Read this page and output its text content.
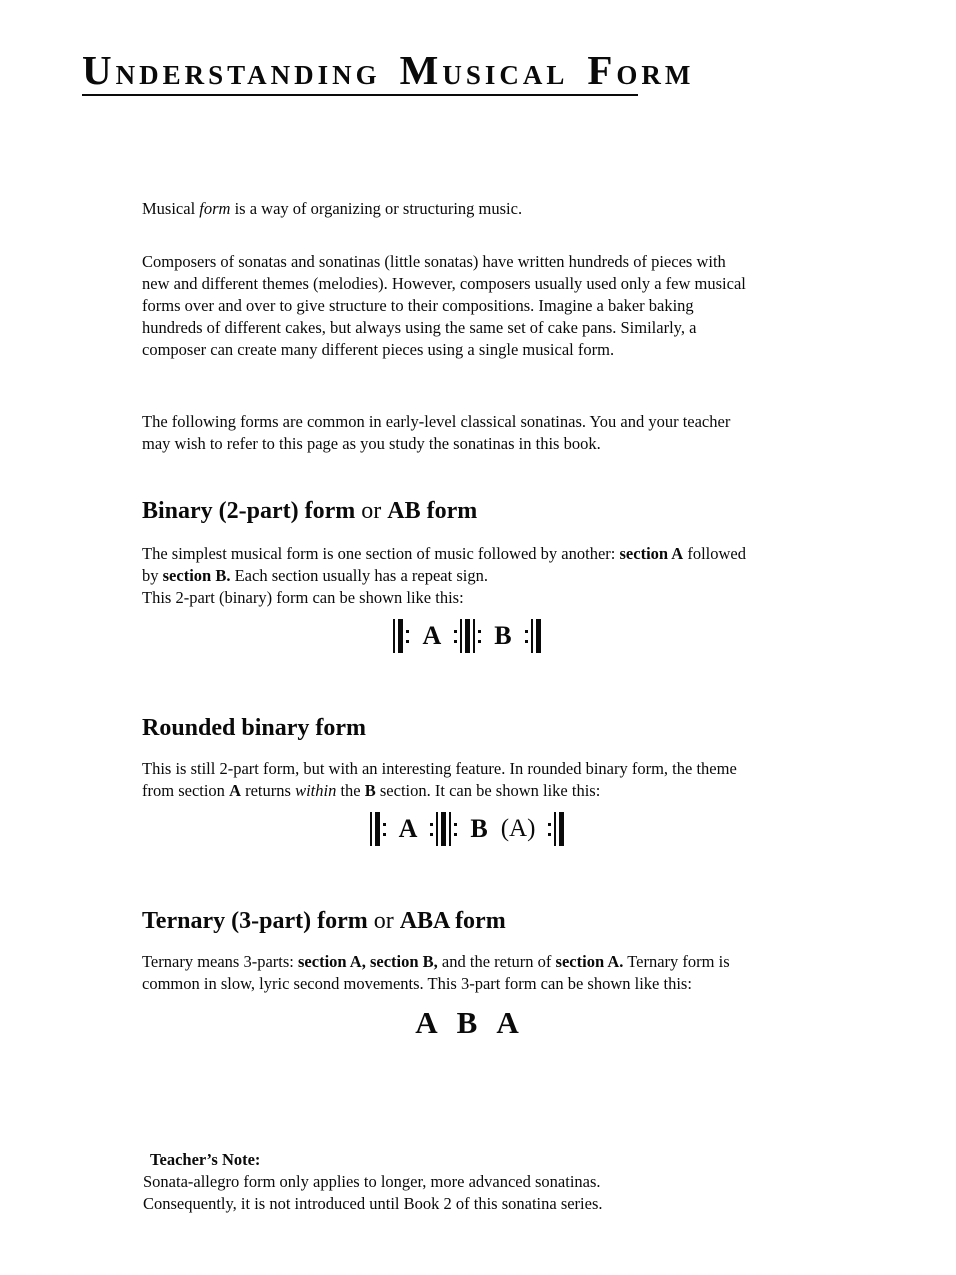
UNDERSTANDING MUSICAL FORM
Musical form is a way of organizing or structuring music.
Composers of sonatas and sonatinas (little sonatas) have written hundreds of pieces with
new and different themes (melodies). However, composers usually used only a few musical
forms over and over to give structure to their compositions. Imagine a baker baking
hundreds of different cakes, but always using the same set of cake pans. Similarly, a
composer can create many different pieces using a single musical form.
The following forms are common in early-level classical sonatinas. You and your teacher
may wish to refer to this page as you study the sonatinas in this book.
Binary (2-part) form or AB form
The simplest musical form is one section of music followed by another: section A followed
by section B. Each section usually has a repeat sign.
This 2-part (binary) form can be shown like this:
A B
Rounded binary form
This is still 2-part form, but with an interesting feature. In rounded binary form, the theme
from section A returns within the B section. It can be shown like this:
A B (A)
Ternary (3-part) form or ABA form
Ternary means 3-parts: section A, section B, and the return of section A. Ternary form is
common in slow, lyric second movements. This 3-part form can be shown like this:
A B A
Teacher’s Note:
Sonata-allegro form only applies to longer, more advanced sonatinas.
Consequently, it is not introduced until Book 2 of this sonatina series.
